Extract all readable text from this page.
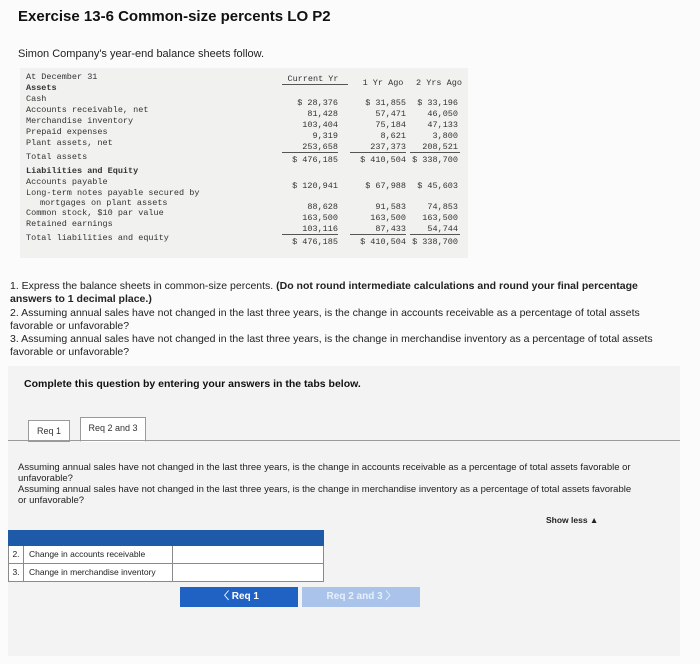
Exercise 13-6 Common-size percents LO P2
Simon Company's year-end balance sheets follow.
At December 31	Current Yr	1 Yr Ago	2 Yrs Ago
Assets
Cash	$ 28,376	$ 31,855	$ 33,196
Accounts receivable, net	81,428	57,471	46,050
Merchandise inventory	103,404	75,184	47,133
Prepaid expenses	9,319	8,621	3,800
Plant assets, net	253,658	237,373	208,521
Total assets	$ 476,185	$ 410,504 $ 338,700
Liabilities and Equity
Accounts payable	$ 120,941	$ 67,988	$ 45,603
Long-term notes payable secured by
mortgages on plant assets	88,628	91,583	74,853
Common stock, $10 par value	163,500	163,500	163,500
Retained earnings	103,116	87,433	54,744
Total liabilities and equity	$ 476,185	$ 410,504 $ 338,700
1. Express the balance sheets in common-size percents. (Do not round intermediate calculations and round your final percentage answers to 1 decimal place.)
2. Assuming annual sales have not changed in the last three years, is the change in accounts receivable as a percentage of total assets favorable or unfavorable?
3. Assuming annual sales have not changed in the last three years, is the change in merchandise inventory as a percentage of total assets favorable or unfavorable?
Complete this question by entering your answers in the tabs below.
Req 1	Req 2 and 3
Assuming annual sales have not changed in the last three years, is the change in accounts receivable as a percentage of total assets favorable or unfavorable?
Assuming annual sales have not changed in the last three years, is the change in merchandise inventory as a percentage of total assets favorable or unfavorable?
Show less ▲
2.	Change in accounts receivable
3.	Change in merchandise inventory
〈 Req 1	Req 2 and 3 〉
